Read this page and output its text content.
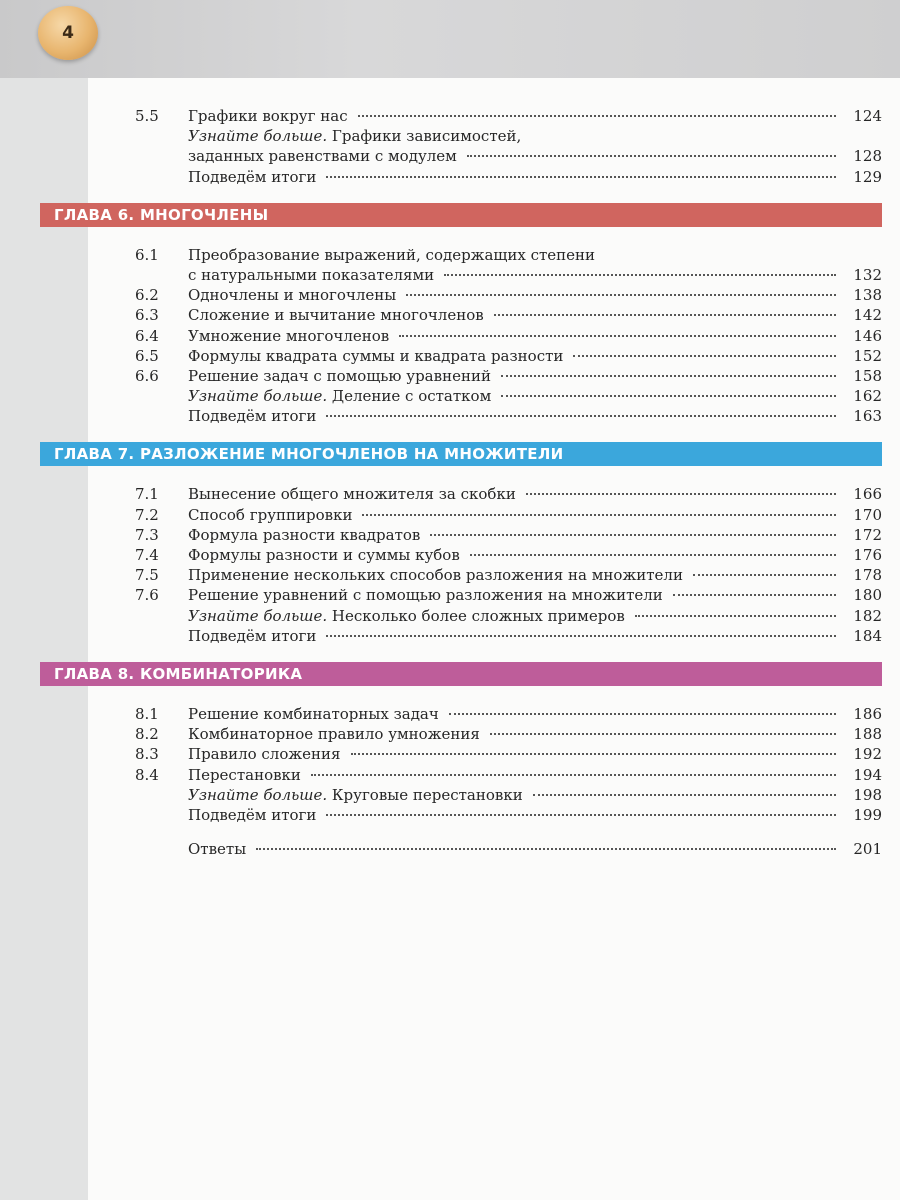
4
5.5	Графики вокруг нас	124
Узнайте больше. Графики зависимостей,
заданных равенствами с модулем	128
Подведём итоги	129
ГЛАВА 6. МНОГОЧЛЕНЫ
6.1	Преобразование выражений, содержащих степени
с натуральными показателями	132
6.2	Одночлены и многочлены	138
6.3	Сложение и вычитание многочленов	142
6.4	Умножение многочленов	146
6.5	Формулы квадрата суммы и квадрата разности	152
6.6	Решение задач с помощью уравнений	158
Узнайте больше. Деление с остатком	162
Подведём итоги	163
ГЛАВА 7. РАЗЛОЖЕНИЕ МНОГОЧЛЕНОВ НА МНОЖИТЕЛИ
7.1	Вынесение общего множителя за скобки	166
7.2	Способ группировки	170
7.3	Формула разности квадратов	172
7.4	Формулы разности и суммы кубов	176
7.5	Применение нескольких способов разложения на множители	178
7.6	Решение уравнений с помощью разложения на множители	180
Узнайте больше. Несколько более сложных примеров	182
Подведём итоги	184
ГЛАВА 8. КОМБИНАТОРИКА
8.1	Решение комбинаторных задач	186
8.2	Комбинаторное правило умножения	188
8.3	Правило сложения	192
8.4	Перестановки	194
Узнайте больше. Круговые перестановки	198
Подведём итоги	199
Ответы	201
